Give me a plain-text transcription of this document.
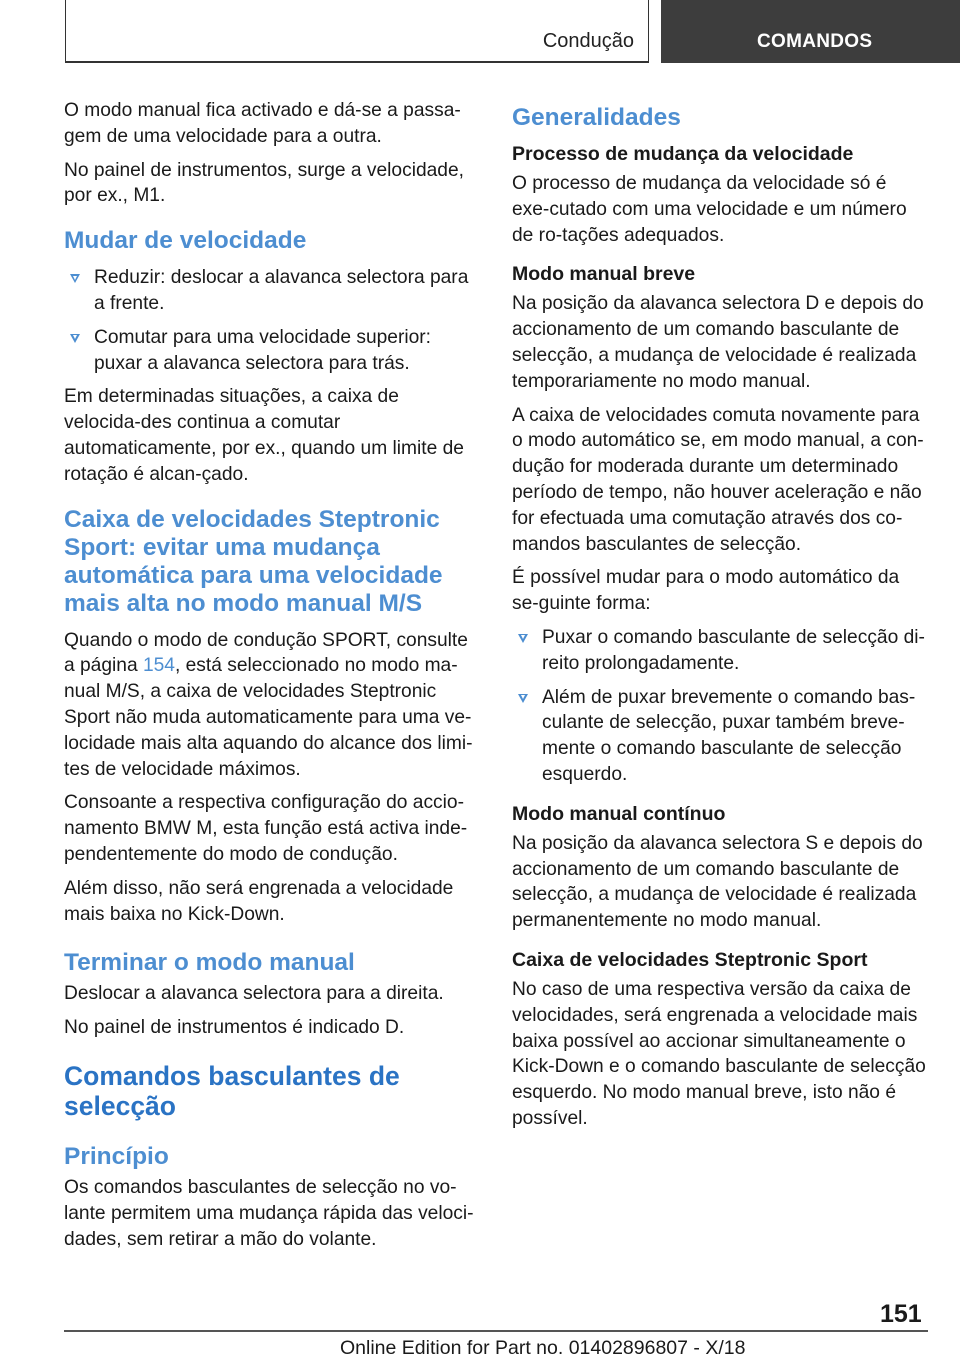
Condução	COMANDOS

O modo manual fica activado e dá-se a passa-gem de uma velocidade para a outra.

No painel de instrumentos, surge a velocidade, por ex., M1.

Mudar de velocidade
Reduzir: deslocar a alavanca selectora para a frente.
Comutar para uma velocidade superior: puxar a alavanca selectora para trás.

Em determinadas situações, a caixa de velocida-des continua a comutar automaticamente, por ex., quando um limite de rotação é alcan-çado.

Caixa de velocidades Steptronic Sport: evitar uma mudança automática para uma velocidade mais alta no modo manual M/S

Quando o modo de condução SPORT, consulte a página 154, está seleccionado no modo ma-nual M/S, a caixa de velocidades Steptronic Sport não muda automaticamente para uma ve-locidade mais alta aquando do alcance dos limi-tes de velocidade máximos.

Consoante a respectiva configuração do accio-namento BMW M, esta função está activa inde-pendentemente do modo de condução.

Além disso, não será engrenada a velocidade mais baixa no Kick-Down.

Terminar o modo manual

Deslocar a alavanca selectora para a direita.

No painel de instrumentos é indicado D.

Comandos basculantes de selecção
Princípio

Os comandos basculantes de selecção no vo-lante permitem uma mudança rápida das veloci-dades, sem retirar a mão do volante.

Generalidades
Processo de mudança da velocidade

O processo de mudança da velocidade só é exe-cutado com uma velocidade e um número de ro-tações adequados.

Modo manual breve

Na posição da alavanca selectora D e depois do accionamento de um comando basculante de selecção, a mudança de velocidade é realizada temporariamente no modo manual.

A caixa de velocidades comuta novamente para o modo automático se, em modo manual, a con-dução for moderada durante um determinado período de tempo, não houver aceleração e não for efectuada uma comutação através dos co-mandos basculantes de selecção.

É possível mudar para o modo automático da se-guinte forma:

Puxar o comando basculante de selecção di-reito prolongadamente.
Além de puxar brevemente o comando bas-culante de selecção, puxar também breve-mente o comando basculante de selecção esquerdo.
Modo manual contínuo

Na posição da alavanca selectora S e depois do accionamento de um comando basculante de selecção, a mudança de velocidade é realizada permanentemente no modo manual.

Caixa de velocidades Steptronic Sport

No caso de uma respectiva versão da caixa de velocidades, será engrenada a velocidade mais baixa possível ao accionar simultaneamente o Kick-Down e o comando basculante de selecção esquerdo. No modo manual breve, isto não é possível.

151
Online Edition for Part no. 01402896807 - X/18
